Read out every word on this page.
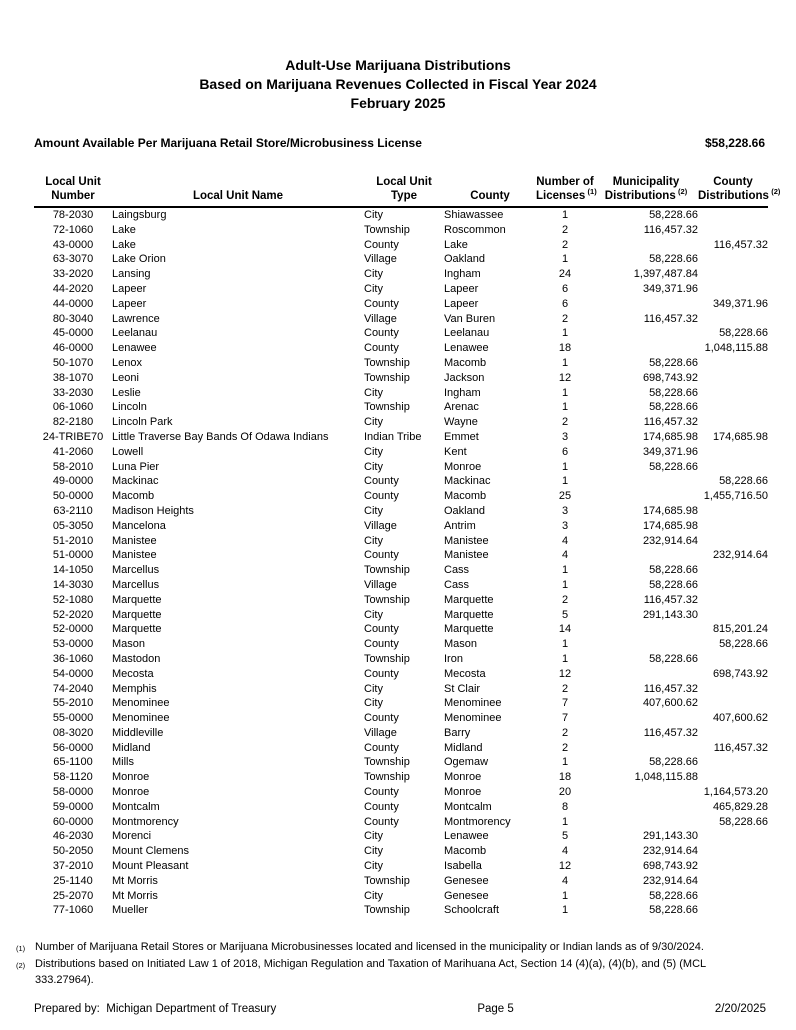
Adult-Use Marijuana Distributions
Based on Marijuana Revenues Collected in Fiscal Year 2024
February 2025
Amount Available Per Marijuana Retail Store/Microbusiness License	$58,228.66
Local Unit
Number	Local Unit Name

Local Unit
Type	County

Number of
Licenses  $^{(1)}$

Municipality
Distributions  $^{(2)}$

County
Distributions  $^{(2)}$

78-2030	Laingsburg	City	Shiawassee	1	58,228.66	
72-1060	Lake	Township	Roscommon	2	116,457.32	
43-0000	Lake	County	Lake	2		116,457.32
63-3070	Lake Orion	Village	Oakland	1	58,228.66	
33-2020	Lansing	City	Ingham	24	1,397,487.84	
44-2020	Lapeer	City	Lapeer	6	349,371.96	
44-0000	Lapeer	County	Lapeer	6		349,371.96
80-3040	Lawrence	Village	Van Buren	2	116,457.32	
45-0000	Leelanau	County	Leelanau	1		58,228.66
46-0000	Lenawee	County	Lenawee	18		1,048,115.88
50-1070	Lenox	Township	Macomb	1	58,228.66	
38-1070	Leoni	Township	Jackson	12	698,743.92	
33-2030	Leslie	City	Ingham	1	58,228.66	
06-1060	Lincoln	Township	Arenac	1	58,228.66	
82-2180	Lincoln Park	City	Wayne	2	116,457.32	
24-TRIBE70	Little Traverse Bay Bands Of Odawa Indians	Indian Tribe	Emmet	3	174,685.98	174,685.98
41-2060	Lowell	City	Kent	6	349,371.96	
58-2010	Luna Pier	City	Monroe	1	58,228.66	
49-0000	Mackinac	County	Mackinac	1		58,228.66
50-0000	Macomb	County	Macomb	25		1,455,716.50
63-2110	Madison Heights	City	Oakland	3	174,685.98	
05-3050	Mancelona	Village	Antrim	3	174,685.98	
51-2010	Manistee	City	Manistee	4	232,914.64	
51-0000	Manistee	County	Manistee	4		232,914.64
14-1050	Marcellus	Township	Cass	1	58,228.66	
14-3030	Marcellus	Village	Cass	1	58,228.66	
52-1080	Marquette	Township	Marquette	2	116,457.32	
52-2020	Marquette	City	Marquette	5	291,143.30	
52-0000	Marquette	County	Marquette	14		815,201.24
53-0000	Mason	County	Mason	1		58,228.66
36-1060	Mastodon	Township	Iron	1	58,228.66	
54-0000	Mecosta	County	Mecosta	12		698,743.92
74-2040	Memphis	City	St Clair	2	116,457.32	
55-2010	Menominee	City	Menominee	7	407,600.62	
55-0000	Menominee	County	Menominee	7		407,600.62
08-3020	Middleville	Village	Barry	2	116,457.32	
56-0000	Midland	County	Midland	2		116,457.32
65-1100	Mills	Township	Ogemaw	1	58,228.66	
58-1120	Monroe	Township	Monroe	18	1,048,115.88	
58-0000	Monroe	County	Monroe	20		1,164,573.20
59-0000	Montcalm	County	Montcalm	8		465,829.28
60-0000	Montmorency	County	Montmorency	1		58,228.66
46-2030	Morenci	City	Lenawee	5	291,143.30	
50-2050	Mount Clemens	City	Macomb	4	232,914.64	
37-2010	Mount Pleasant	City	Isabella	12	698,743.92	
25-1140	Mt Morris	Township	Genesee	4	232,914.64	
25-2070	Mt Morris	City	Genesee	1	58,228.66	
77-1060	Mueller	Township	Schoolcraft	1	58,228.66	
(1) Number of Marijuana Retail Stores or Marijuana Microbusinesses located and licensed in the municipality or Indian lands as of 9/30/2024.
(2) Distributions based on Initiated Law 1 of 2018, Michigan Regulation and Taxation of Marihuana Act, Section 14 (4)(a), (4)(b), and (5) (MCL 333.27964).
Prepared by:  Michigan Department of Treasury	Page 5	2/20/2025
